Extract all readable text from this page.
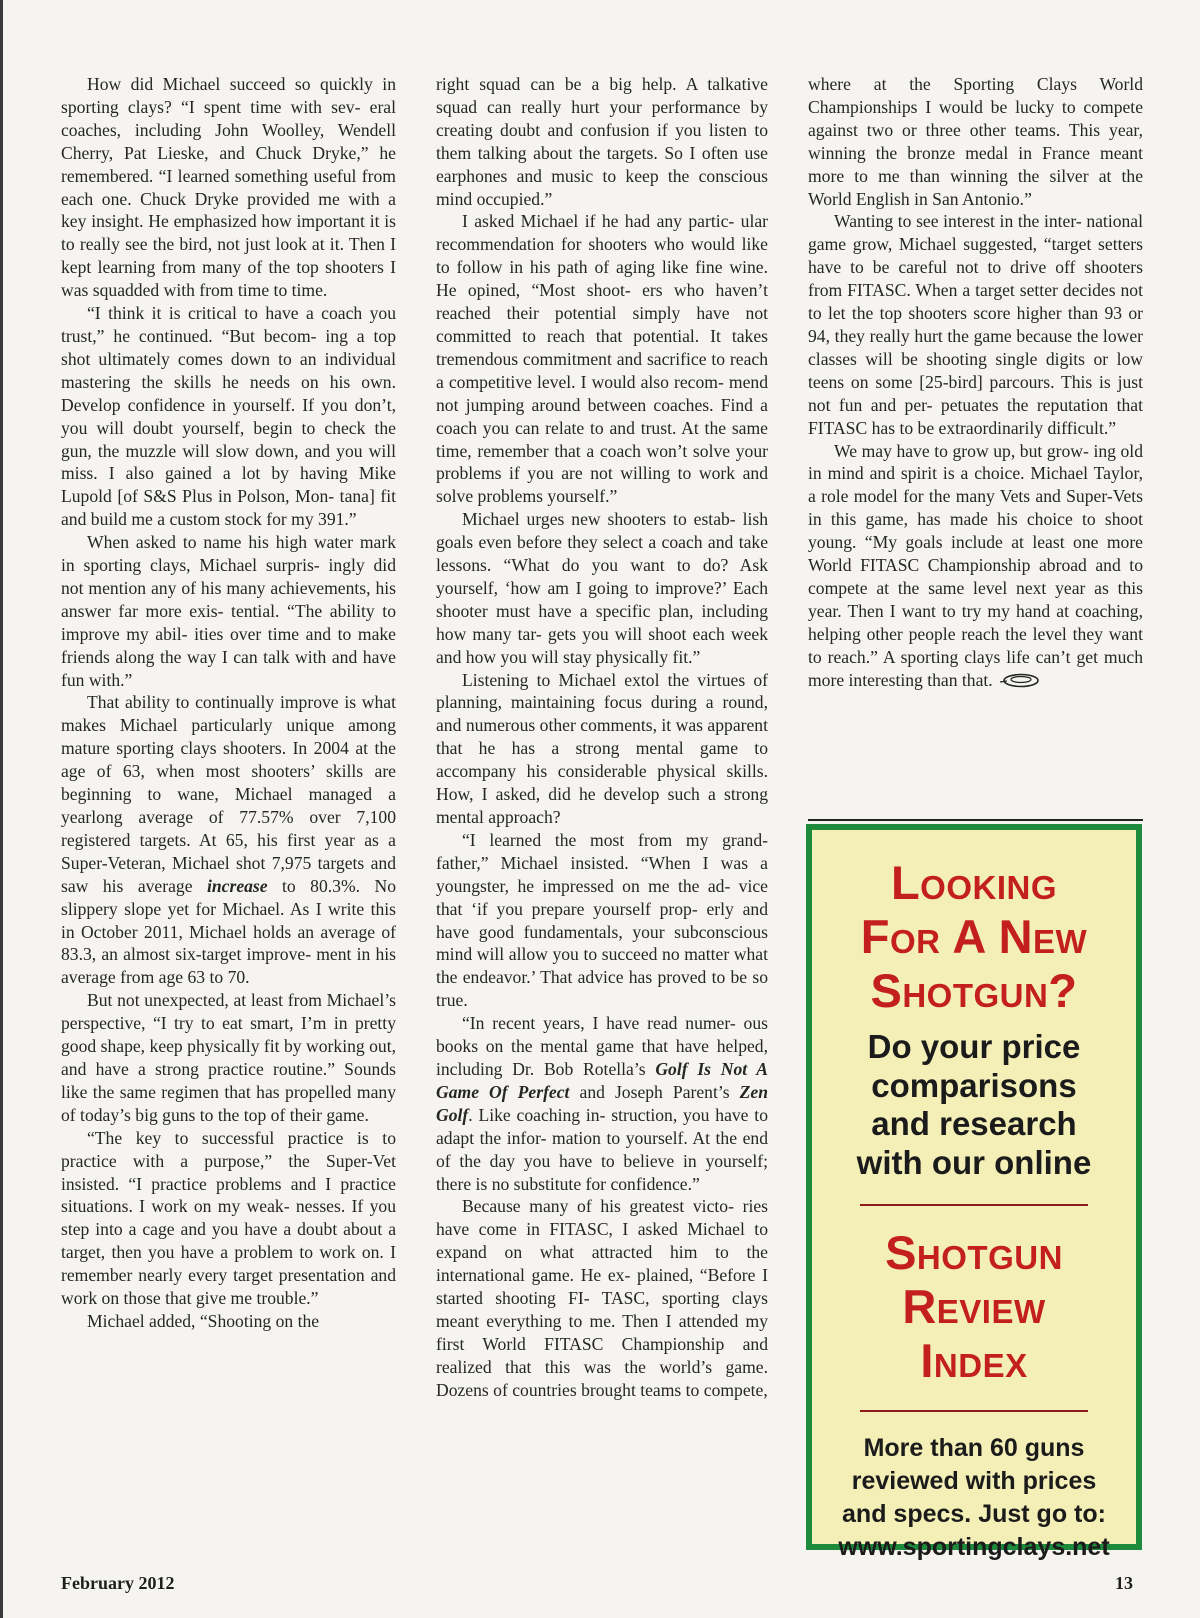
How did Michael succeed so quickly in sporting clays? “I spent time with sev- eral coaches, including John Woolley, Wendell Cherry, Pat Lieske, and Chuck Dryke,” he remembered. “I learned something useful from each one. Chuck Dryke provided me with a key insight. He emphasized how important it is to really see the bird, not just look at it. Then I kept learning from many of the top shooters I was squadded with from time to time.

“I think it is critical to have a coach you trust,” he continued. “But becom- ing a top shot ultimately comes down to an individual mastering the skills he needs on his own. Develop confidence in yourself. If you don’t, you will doubt yourself, begin to check the gun, the muzzle will slow down, and you will miss. I also gained a lot by having Mike Lupold [of S&S Plus in Polson, Mon- tana] fit and build me a custom stock for my 391.”

When asked to name his high water mark in sporting clays, Michael surpris- ingly did not mention any of his many achievements, his answer far more exis- tential. “The ability to improve my abil- ities over time and to make friends along the way I can talk with and have fun with.”

That ability to continually improve is what makes Michael particularly unique among mature sporting clays shooters. In 2004 at the age of 63, when most shooters’ skills are beginning to wane, Michael managed a yearlong average of 77.57% over 7,100 registered targets. At 65, his first year as a Super-Veteran, Michael shot 7,975 targets and saw his average increase to 80.3%. No slippery slope yet for Michael. As I write this in October 2011, Michael holds an average of 83.3, an almost six-target improve- ment in his average from age 63 to 70.

But not unexpected, at least from Michael’s perspective, “I try to eat smart, I’m in pretty good shape, keep physically fit by working out, and have a strong practice routine.” Sounds like the same regimen that has propelled many of today’s big guns to the top of their game.

“The key to successful practice is to practice with a purpose,” the Super-Vet insisted. “I practice problems and I practice situations. I work on my weak- nesses. If you step into a cage and you have a doubt about a target, then you have a problem to work on. I remember nearly every target presentation and work on those that give me trouble.”

Michael added, “Shooting on the

right squad can be a big help. A talkative squad can really hurt your performance by creating doubt and confusion if you listen to them talking about the targets. So I often use earphones and music to keep the conscious mind occupied.”

I asked Michael if he had any partic- ular recommendation for shooters who would like to follow in his path of aging like fine wine. He opined, “Most shoot- ers who haven’t reached their potential simply have not committed to reach that potential. It takes tremendous commitment and sacrifice to reach a competitive level. I would also recom- mend not jumping around between coaches. Find a coach you can relate to and trust. At the same time, remember that a coach won’t solve your problems if you are not willing to work and solve problems yourself.”

Michael urges new shooters to estab- lish goals even before they select a coach and take lessons. “What do you want to do? Ask yourself, ‘how am I going to improve?’ Each shooter must have a specific plan, including how many tar- gets you will shoot each week and how you will stay physically fit.”

Listening to Michael extol the virtues of planning, maintaining focus during a round, and numerous other comments, it was apparent that he has a strong mental game to accompany his considerable physical skills. How, I asked, did he develop such a strong mental approach?

“I learned the most from my grand- father,” Michael insisted. “When I was a youngster, he impressed on me the ad- vice that ‘if you prepare yourself prop- erly and have good fundamentals, your subconscious mind will allow you to succeed no matter what the endeavor.’ That advice has proved to be so true.

“In recent years, I have read numer- ous books on the mental game that have helped, including Dr. Bob Rotella’s Golf Is Not A Game Of Perfect and Joseph Parent’s Zen Golf. Like coaching in- struction, you have to adapt the infor- mation to yourself. At the end of the day you have to believe in yourself; there is no substitute for confidence.”

Because many of his greatest victo- ries have come in FITASC, I asked Michael to expand on what attracted him to the international game. He ex- plained, “Before I started shooting FI- TASC, sporting clays meant everything to me. Then I attended my first World FITASC Championship and realized that this was the world’s game. Dozens of countries brought teams to compete,

where at the Sporting Clays World Championships I would be lucky to compete against two or three other teams. This year, winning the bronze medal in France meant more to me than winning the silver at the World English in San Antonio.”

Wanting to see interest in the inter- national game grow, Michael suggested, “target setters have to be careful not to drive off shooters from FITASC. When a target setter decides not to let the top shooters score higher than 93 or 94, they really hurt the game because the lower classes will be shooting single digits or low teens on some [25-bird] parcours. This is just not fun and per- petuates the reputation that FITASC has to be extraordinarily difficult.”

We may have to grow up, but grow- ing old in mind and spirit is a choice. Michael Taylor, a role model for the many Vets and Super-Vets in this game, has made his choice to shoot young. “My goals include at least one more World FITASC Championship abroad and to compete at the same level next year as this year. Then I want to try my hand at coaching, helping other people reach the level they want to reach.” A sporting clays life can’t get much more interesting than that.

Looking

For A New

Shotgun?

Do your price

comparisons

and research

with our online

Shotgun

Review

Index

More than 60 guns

reviewed with prices

and specs. Just go to:

www.sportingclays.net

February 2012	13
